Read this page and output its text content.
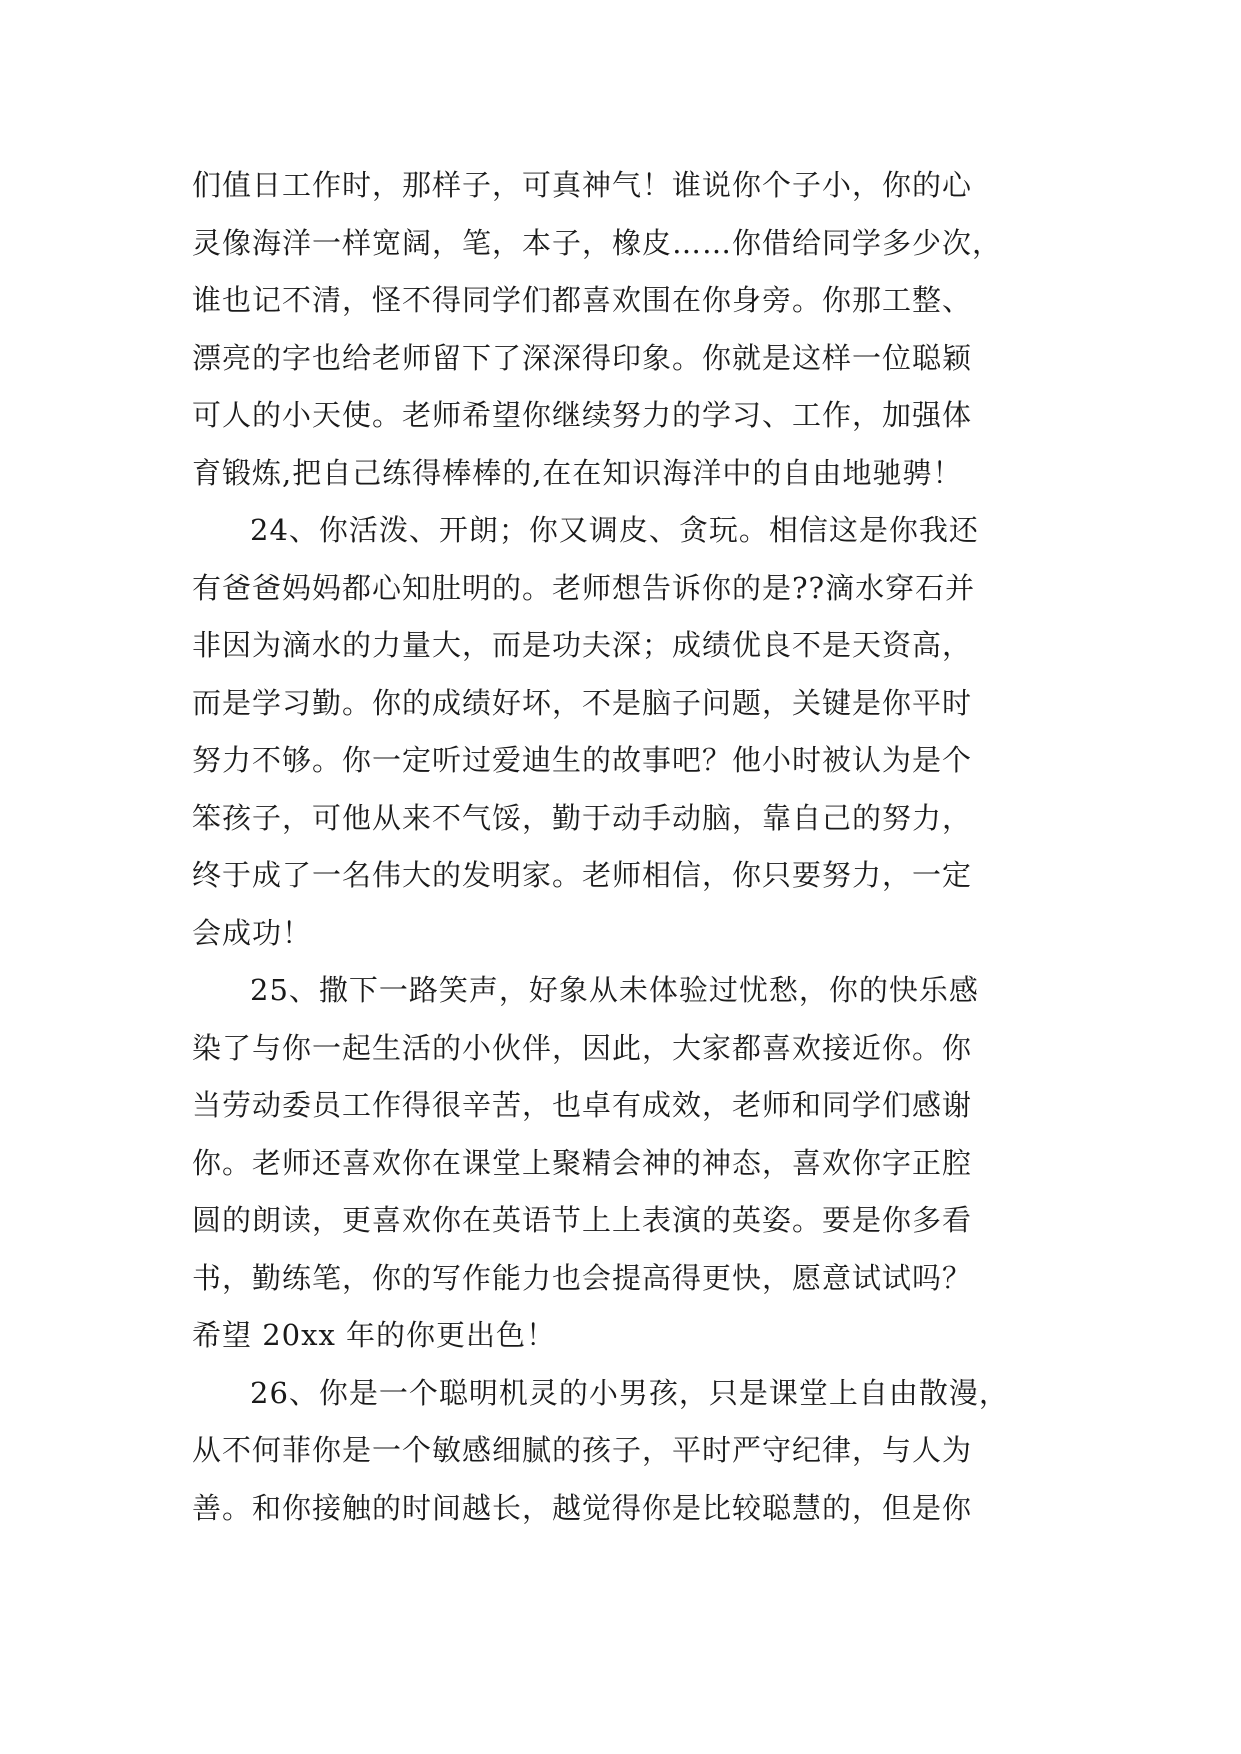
们值日工作时，那样子，可真神气！谁说你个子小，你的心
灵像海洋一样宽阔，笔，本子，橡皮……你借给同学多少次，
谁也记不清，怪不得同学们都喜欢围在你身旁。你那工整、
漂亮的字也给老师留下了深深得印象。你就是这样一位聪颖
可人的小天使。老师希望你继续努力的学习、工作，加强体
育锻炼,把自己练得棒棒的,在在知识海洋中的自由地驰骋！
24、你活泼、开朗；你又调皮、贪玩。相信这是你我还
有爸爸妈妈都心知肚明的。老师想告诉你的是??滴水穿石并
非因为滴水的力量大，而是功夫深；成绩优良不是天资高，
而是学习勤。你的成绩好坏，不是脑子问题，关键是你平时
努力不够。你一定听过爱迪生的故事吧？他小时被认为是个
笨孩子，可他从来不气馁，勤于动手动脑，靠自己的努力，
终于成了一名伟大的发明家。老师相信，你只要努力，一定
会成功！
25、撒下一路笑声，好象从未体验过忧愁，你的快乐感
染了与你一起生活的小伙伴，因此，大家都喜欢接近你。你
当劳动委员工作得很辛苦，也卓有成效，老师和同学们感谢
你。老师还喜欢你在课堂上聚精会神的神态，喜欢你字正腔
圆的朗读，更喜欢你在英语节上上表演的英姿。要是你多看
书，勤练笔，你的写作能力也会提高得更快，愿意试试吗？
希望 20xx 年的你更出色！
26、你是一个聪明机灵的小男孩，只是课堂上自由散漫，
从不何菲你是一个敏感细腻的孩子，平时严守纪律，与人为
善。和你接触的时间越长，越觉得你是比较聪慧的，但是你
